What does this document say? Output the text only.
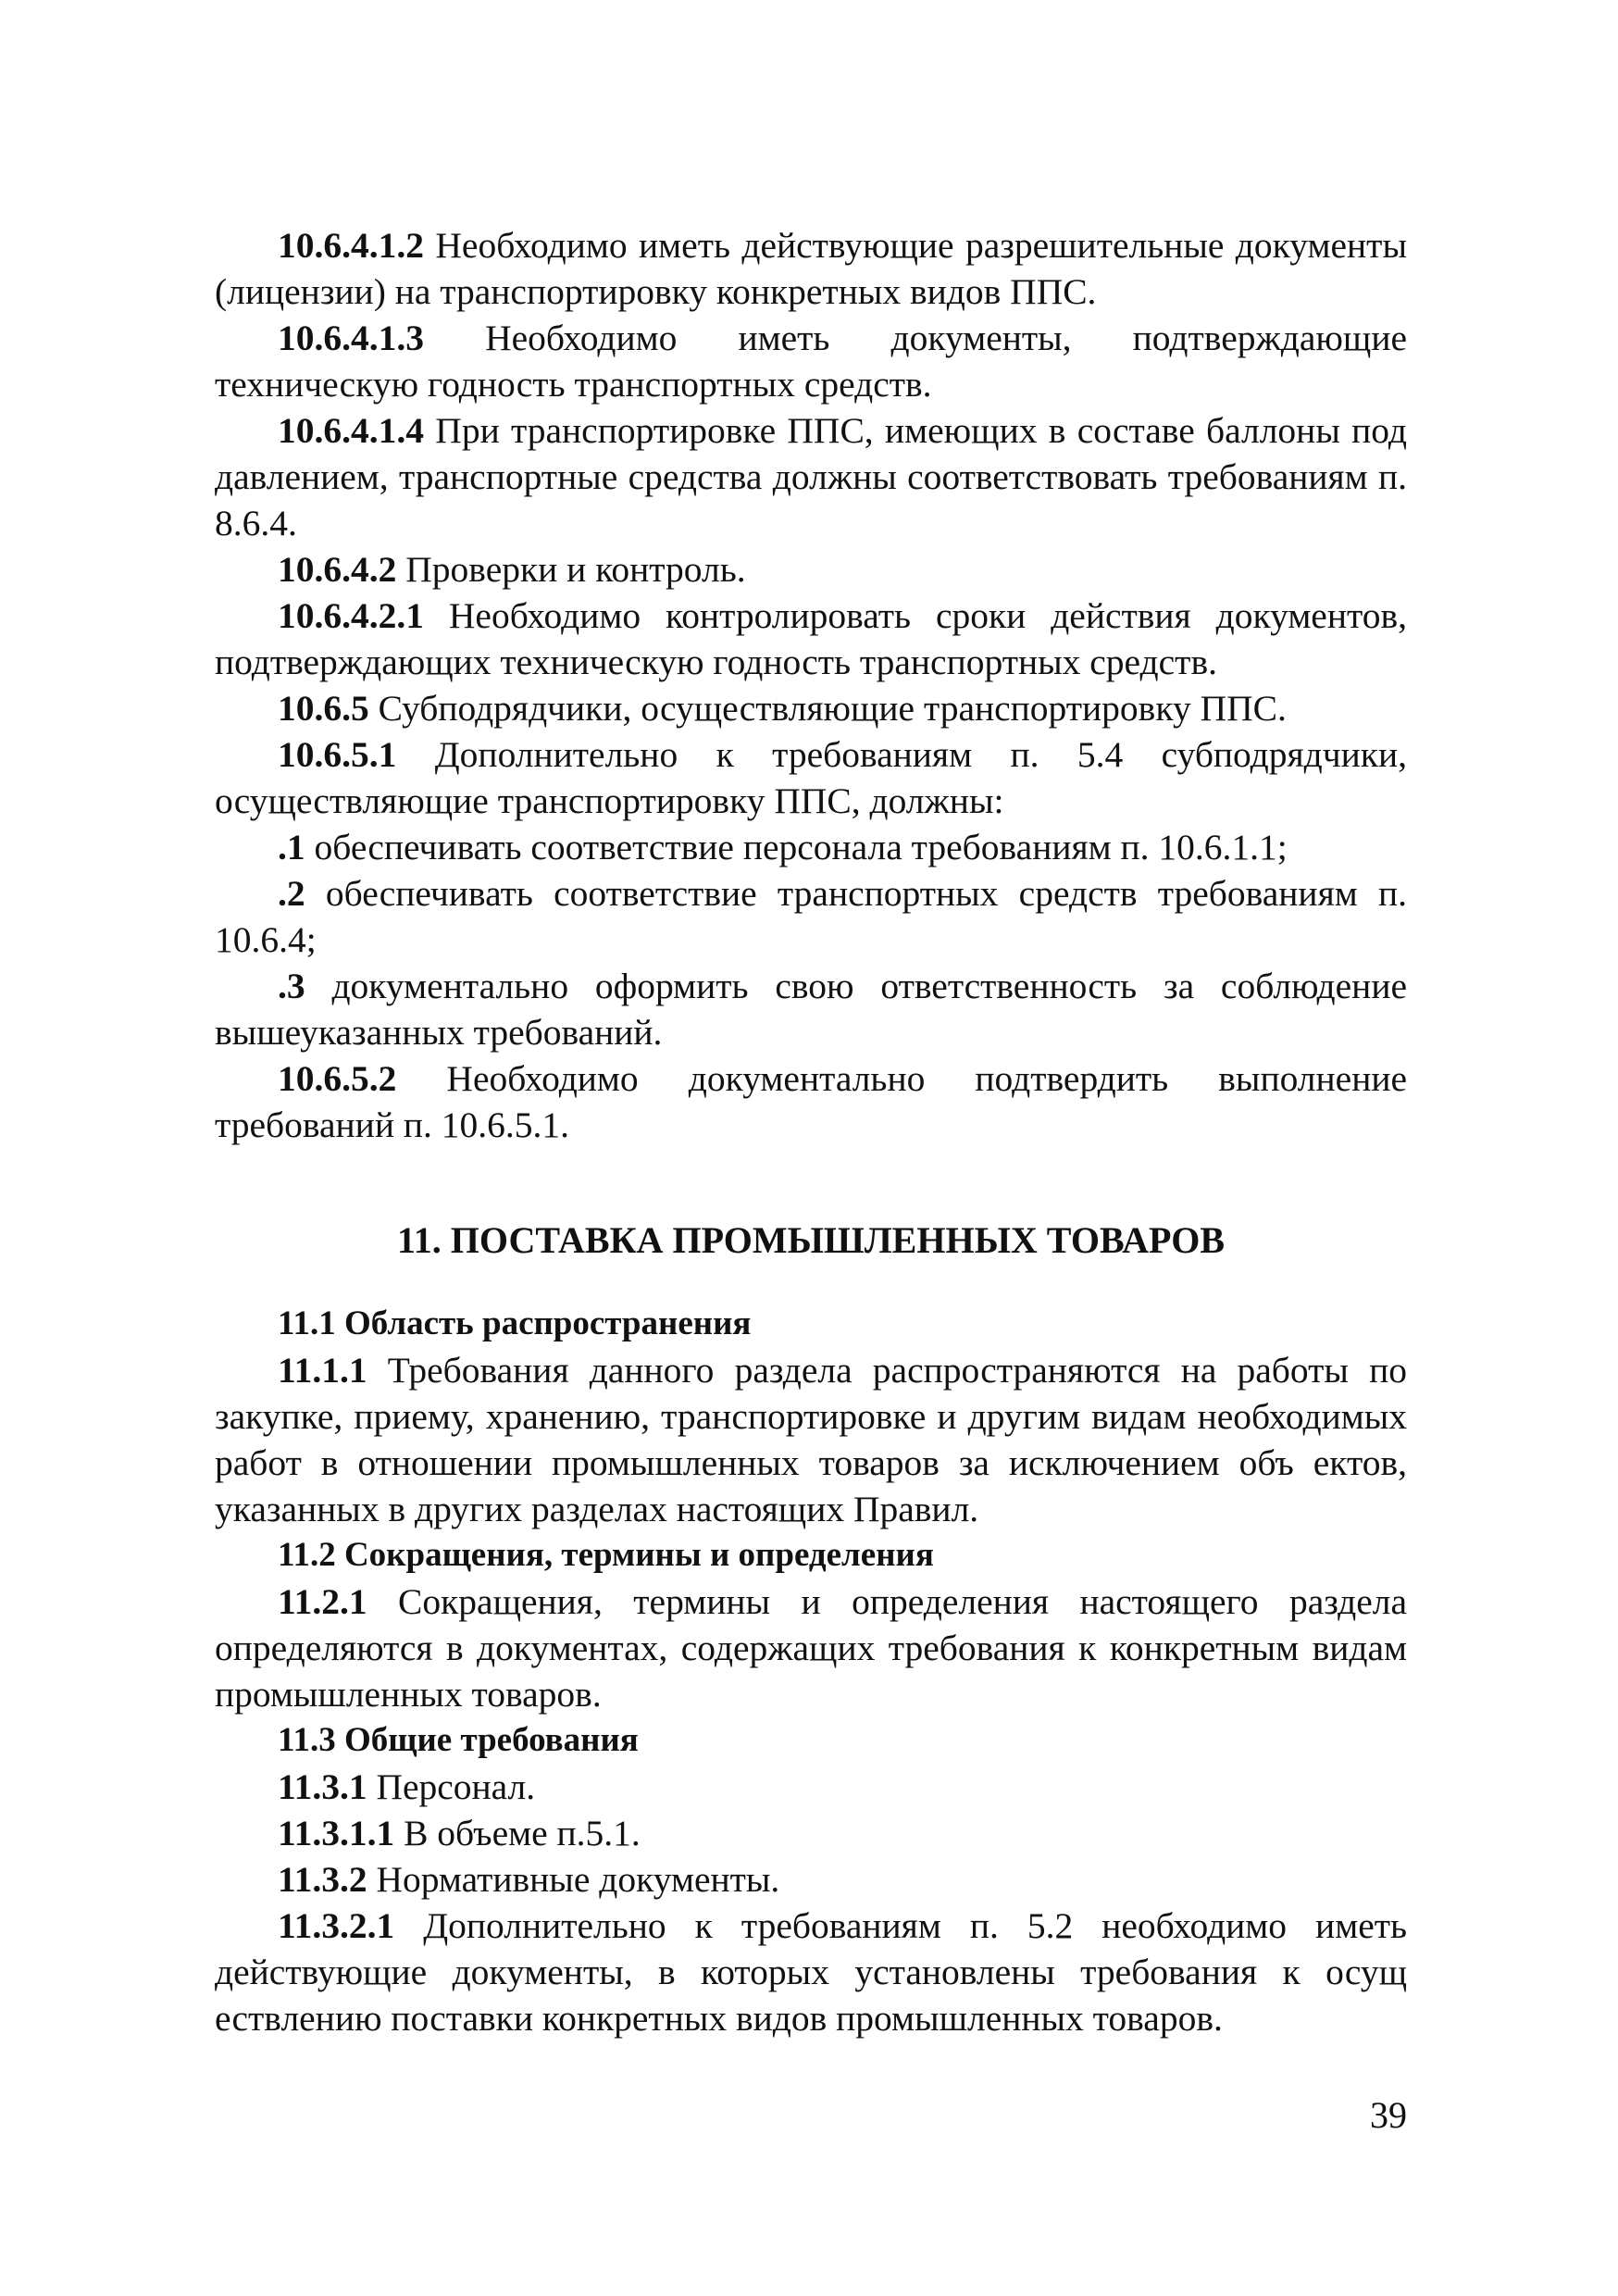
10.6.4.1.2 Необходимо иметь действующие разрешительные документы (лицензии) на транспортировку конкретных видов ППС.

10.6.4.1.3 Необходимо иметь документы, подтверждающие техническую годность транспортных средств.

10.6.4.1.4 При транспортировке ППС, имеющих в составе баллоны под давлением, транспортные средства должны соответствовать требованиям п. 8.6.4.

10.6.4.2 Проверки и контроль.

10.6.4.2.1 Необходимо контролировать сроки действия документов, подтверждающих техническую годность транспортных средств.

10.6.5 Субподрядчики, осуществляющие транспортировку ППС.

10.6.5.1 Дополнительно к требованиям п. 5.4 субподрядчики, осуществляющие транспортировку ППС, должны:

.1 обеспечивать соответствие персонала требованиям п. 10.6.1.1;

.2 обеспечивать соответствие транспортных средств требованиям п. 10.6.4;

.3 документально оформить свою ответственность за соблюдение вышеуказанных требований.

10.6.5.2 Необходимо документально подтвердить выполнение требований п. 10.6.5.1.

11. ПОСТАВКА ПРОМЫШЛЕННЫХ ТОВАРОВ
11.1 Область распространения

11.1.1 Требования данного раздела распространяются на работы по закупке, приему, хранению, транспортировке и другим видам необходимых работ в отношении промышленных товаров за исключением объ ектов, указанных в других разделах настоящих Правил.

11.2 Сокращения, термины и определения

11.2.1 Сокращения, термины и определения настоящего раздела определяются в документах, содержащих требования к конкретным видам промышленных товаров.

11.3 Общие требования

11.3.1 Персонал.

11.3.1.1 В объеме п.5.1.

11.3.2 Нормативные документы.

11.3.2.1 Дополнительно к требованиям п. 5.2 необходимо иметь действующие документы, в которых установлены требования к осущ ествлению поставки конкретных видов промышленных товаров.

39
